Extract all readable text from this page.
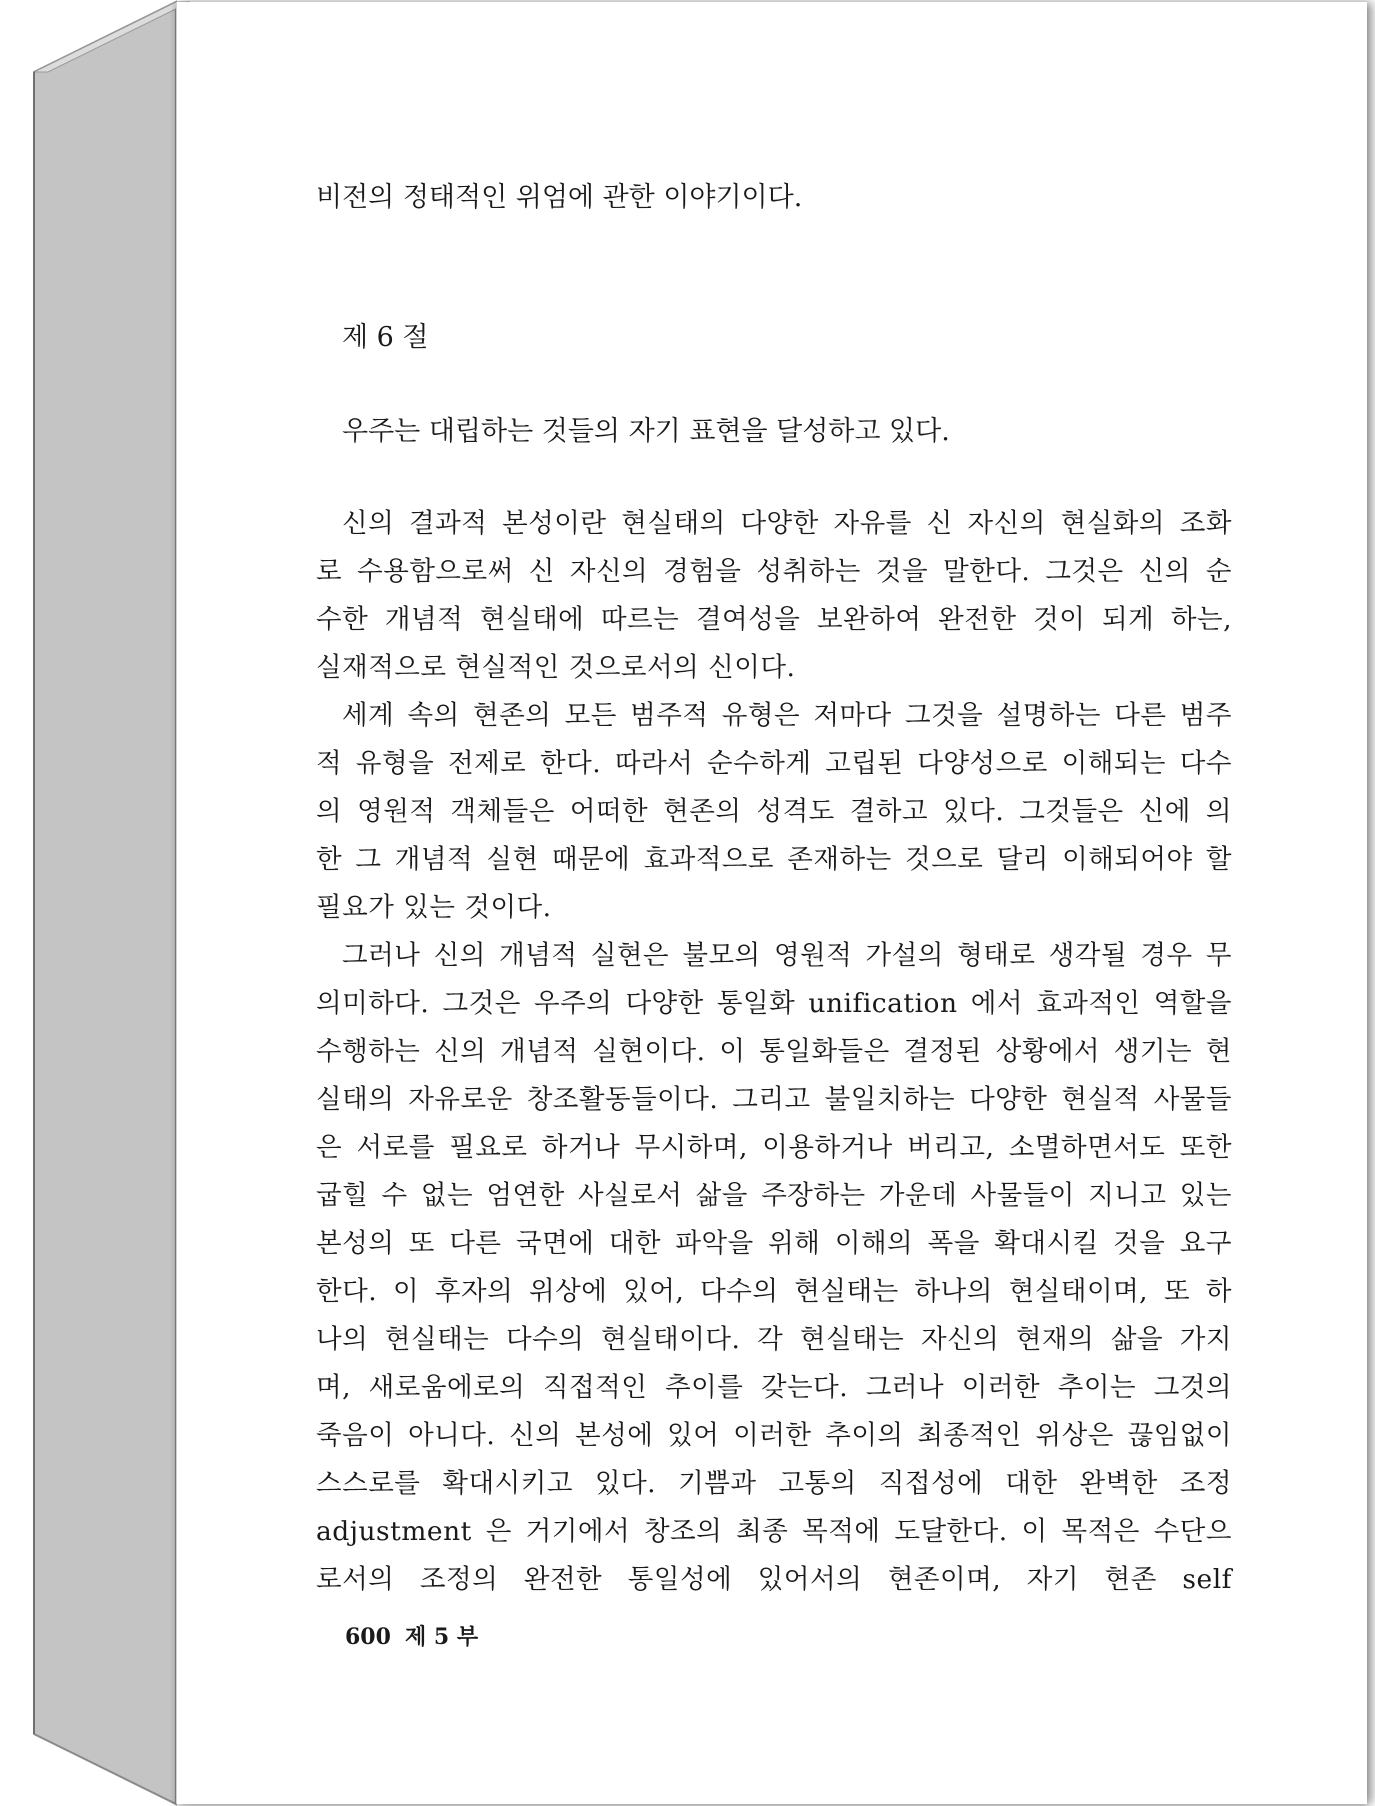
비전의 정태적인 위엄에 관한 이야기이다.
제 6 절
우주는 대립하는 것들의 자기 표현을 달성하고 있다.
신의 결과적 본성이란 현실태의 다양한 자유를 신 자신의 현실화의 조화
로 수용함으로써 신 자신의 경험을 성취하는 것을 말한다. 그것은 신의 순
수한 개념적 현실태에 따르는 결여성을 보완하여 완전한 것이 되게 하는,
실재적으로 현실적인 것으로서의 신이다.
세계 속의 현존의 모든 범주적 유형은 저마다 그것을 설명하는 다른 범주
적 유형을 전제로 한다. 따라서 순수하게 고립된 다양성으로 이해되는 다수
의 영원적 객체들은 어떠한 현존의 성격도 결하고 있다. 그것들은 신에 의
한 그 개념적 실현 때문에 효과적으로 존재하는 것으로 달리 이해되어야 할
필요가 있는 것이다.
그러나 신의 개념적 실현은 불모의 영원적 가설의 형태로 생각될 경우 무
의미하다. 그것은 우주의 다양한 통일화 unification 에서 효과적인 역할을
수행하는 신의 개념적 실현이다. 이 통일화들은 결정된 상황에서 생기는 현
실태의 자유로운 창조활동들이다. 그리고 불일치하는 다양한 현실적 사물들
은 서로를 필요로 하거나 무시하며, 이용하거나 버리고, 소멸하면서도 또한
굽힐 수 없는 엄연한 사실로서 삶을 주장하는 가운데 사물들이 지니고 있는
본성의 또 다른 국면에 대한 파악을 위해 이해의 폭을 확대시킬 것을 요구
한다. 이 후자의 위상에 있어, 다수의 현실태는 하나의 현실태이며, 또 하
나의 현실태는 다수의 현실태이다. 각 현실태는 자신의 현재의 삶을 가지
며, 새로움에로의 직접적인 추이를 갖는다. 그러나 이러한 추이는 그것의
죽음이 아니다. 신의 본성에 있어 이러한 추이의 최종적인 위상은 끊임없이
스스로를 확대시키고 있다. 기쁨과 고통의 직접성에 대한 완벽한 조정
adjustment 은 거기에서 창조의 최종 목적에 도달한다. 이 목적은 수단으
로서의 조정의 완전한 통일성에 있어서의 현존이며, 자기 현존 self
600 제 5 부
